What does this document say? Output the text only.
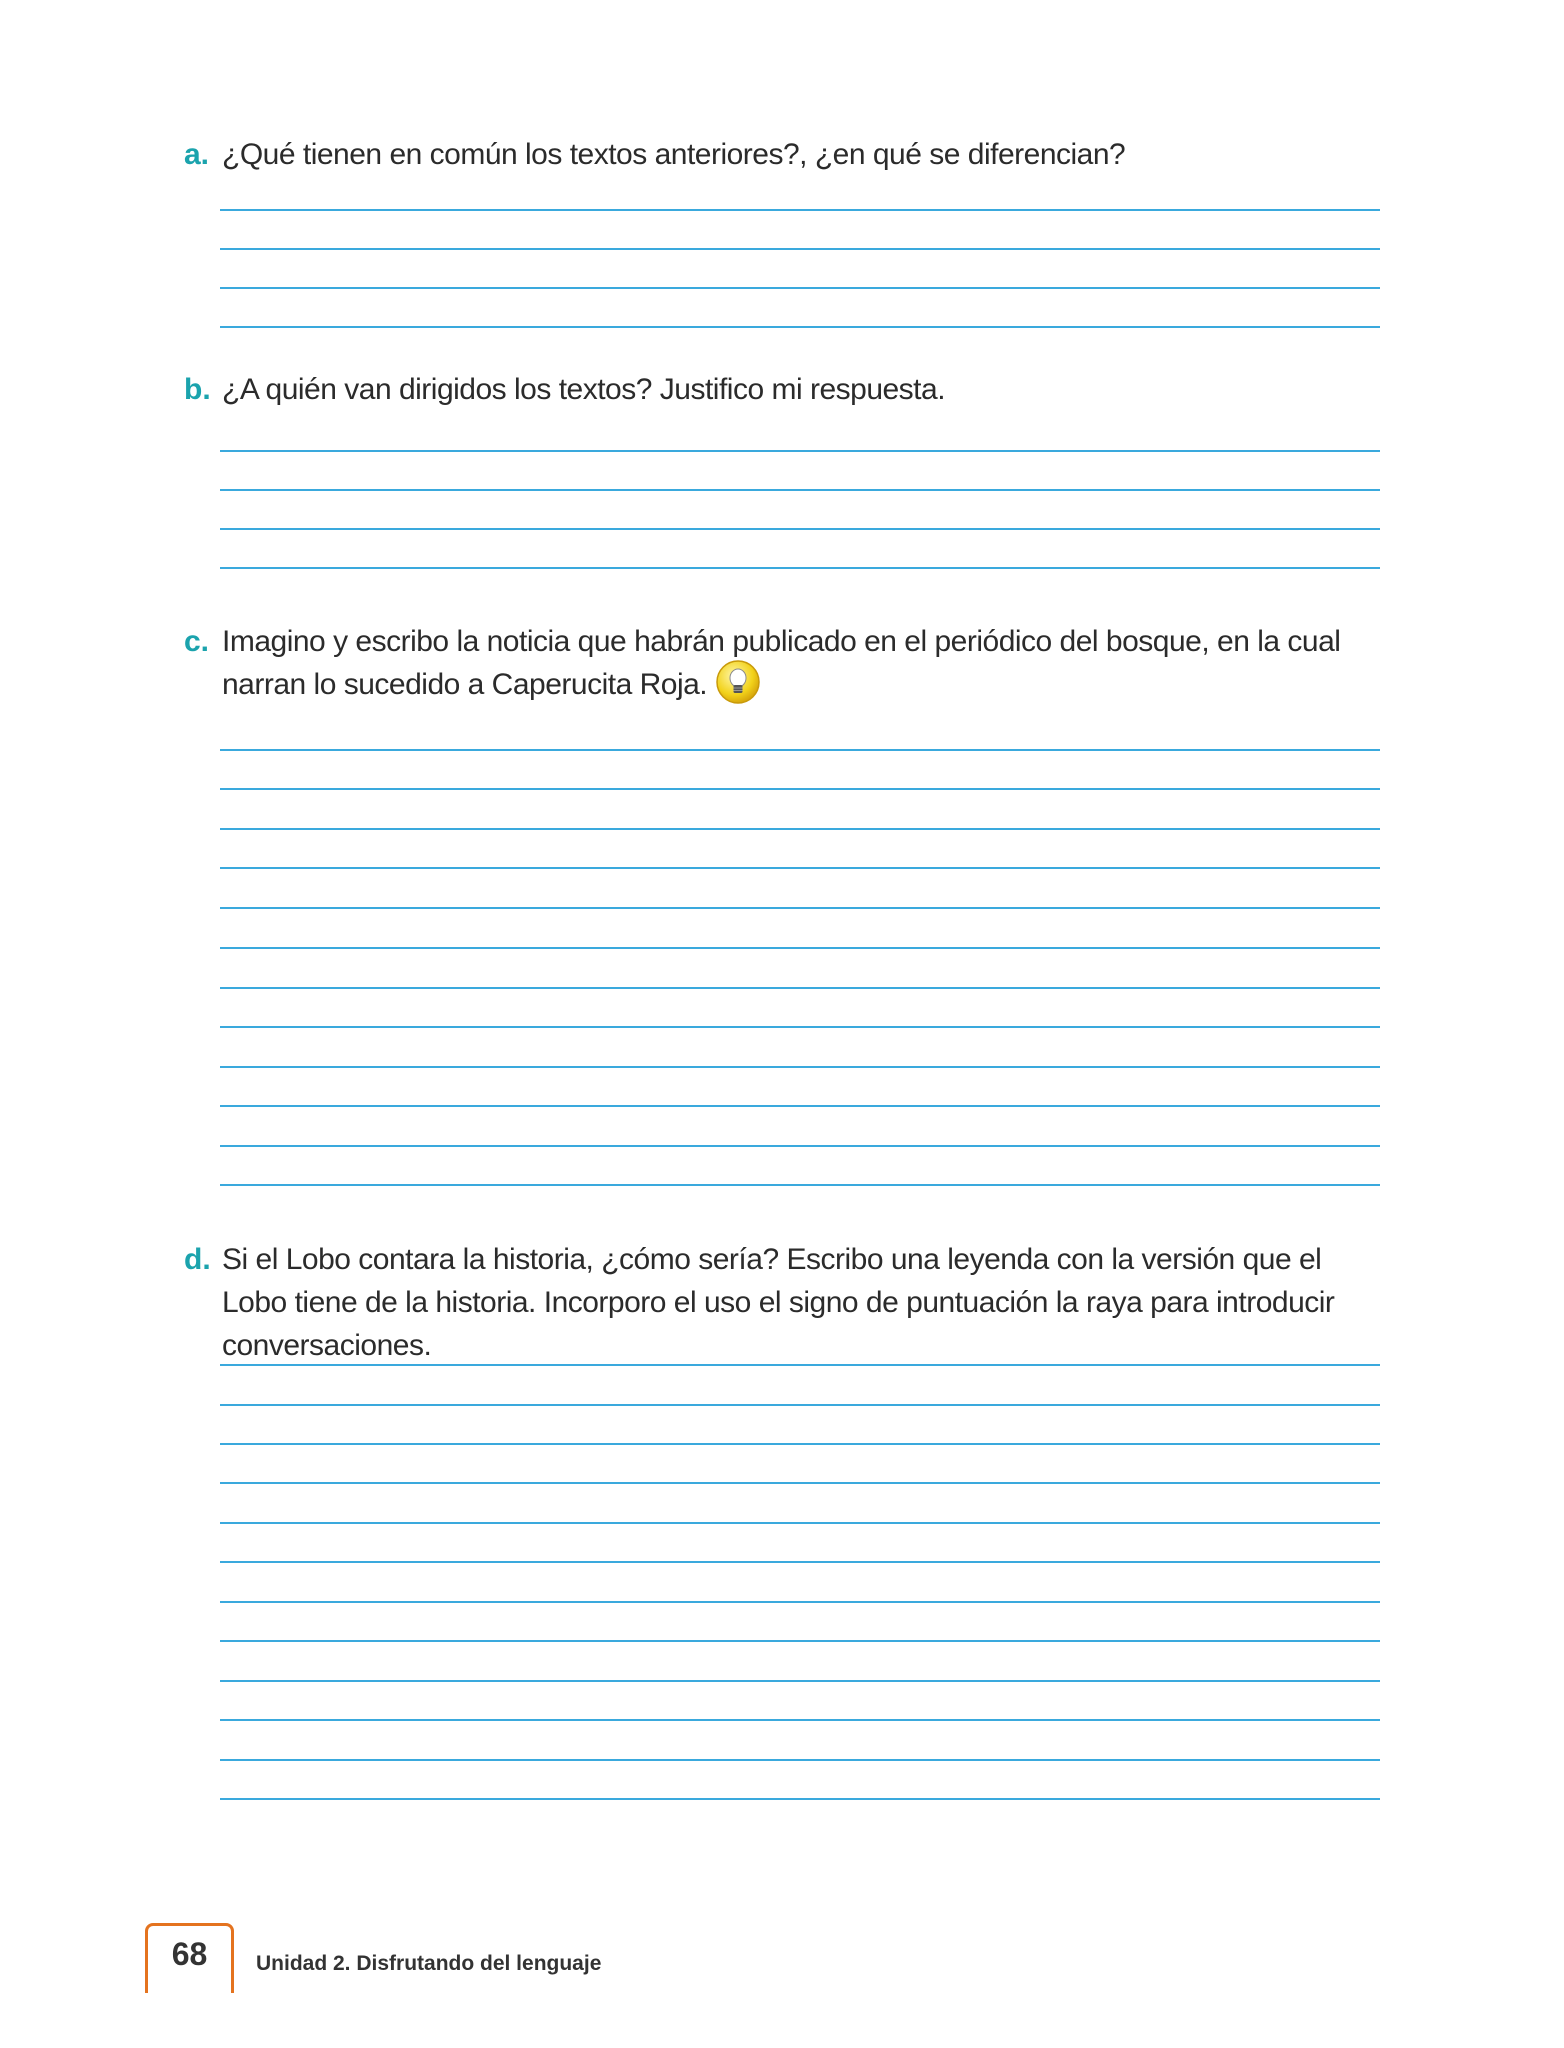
a. ¿Qué tienen en común los textos anteriores?, ¿en qué se diferencian?
b. ¿A quién van dirigidos los textos? Justifico mi respuesta.
c. Imagino y escribo la noticia que habrán publicado en el periódico del bosque, en la cual narran lo sucedido a Caperucita Roja.
d. Si el Lobo contara la historia, ¿cómo sería? Escribo una leyenda con la versión que el Lobo tiene de la historia. Incorporo el uso el signo de puntuación la raya para introducir conversaciones.
68	Unidad 2. Disfrutando del lenguaje
